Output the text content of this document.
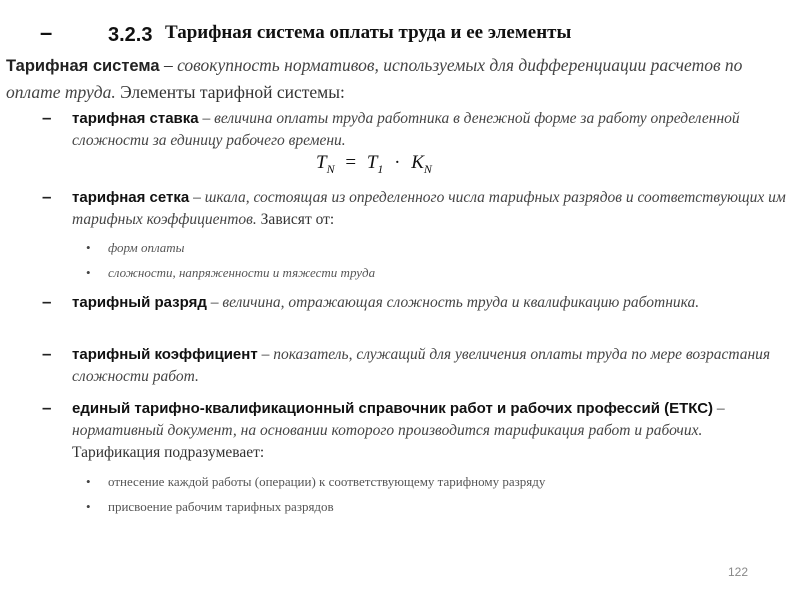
–	3.2.3 Тарифная система оплаты труда и ее элементы
Тарифная система – совокупность нормативов, используемых для дифференциации расчетов по оплате труда. Элементы тарифной системы:
– тарифная ставка – величина оплаты труда работника в денежной форме за работу определенной сложности за единицу рабочего времени.
$T_N = T_1 \cdot K_N$
– тарифная сетка – шкала, состоящая из определенного числа тарифных разрядов и соответствующих им тарифных коэффициентов. Зависят от:
• форм оплаты
• сложности, напряженности и тяжести труда
– тарифный разряд – величина, отражающая сложность труда и квалификацию работника.
– тарифный коэффициент – показатель, служащий для увеличения оплаты труда по мере возрастания сложности работ.
– единый тарифно-квалификационный справочник работ и рабочих профессий (ЕТКС) – нормативный документ, на основании которого производится тарификация работ и рабочих. Тарификация подразумевает:
• отнесение каждой работы (операции) к соответствующему тарифному разряду
• присвоение рабочим тарифных разрядов
122
